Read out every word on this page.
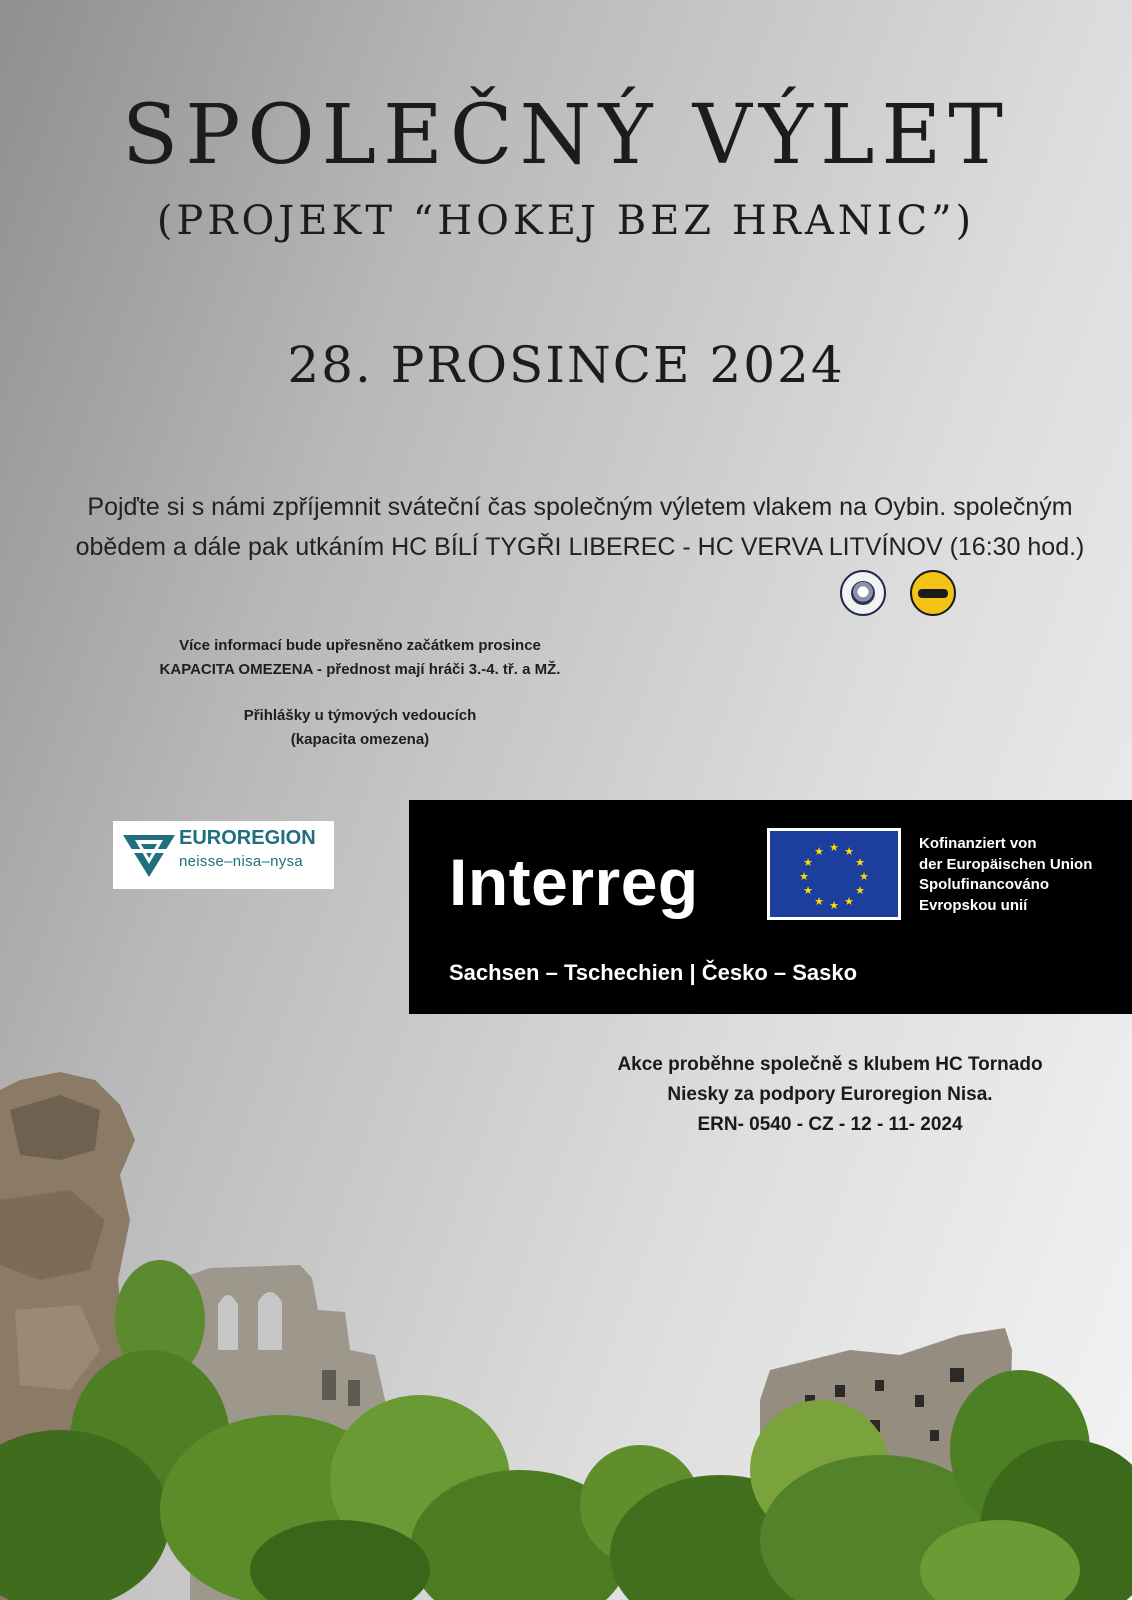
SPOLEČNÝ VÝLET
(PROJEKT “HOKEJ BEZ HRANIC”)
28. PROSINCE 2024
Pojďte si s námi zpříjemnit sváteční čas společným výletem vlakem na Oybin. společným
obědem a dále pak utkáním HC BÍLÍ TYGŘI LIBEREC - HC VERVA LITVÍNOV (16:30 hod.)
Více informací bude upřesněno začátkem prosince
KAPACITA OMEZENA - přednost mají hráči 3.-4. tř. a MŽ.
Přihlášky u týmových vedoucích
(kapacita omezena)
EUROREGION
neisse–nisa–nysa Interreg	★ ★
★
★
★
★
★
★
★
★
★
★	Kofinanziert von
der Europäischen Union
Spolufinancováno
Evropskou unií
Sachsen – Tschechien | Česko – Sasko
Akce proběhne společně s klubem HC Tornado
Niesky za podpory Euroregion Nisa.
ERN- 0540 - CZ - 12 - 11- 2024
